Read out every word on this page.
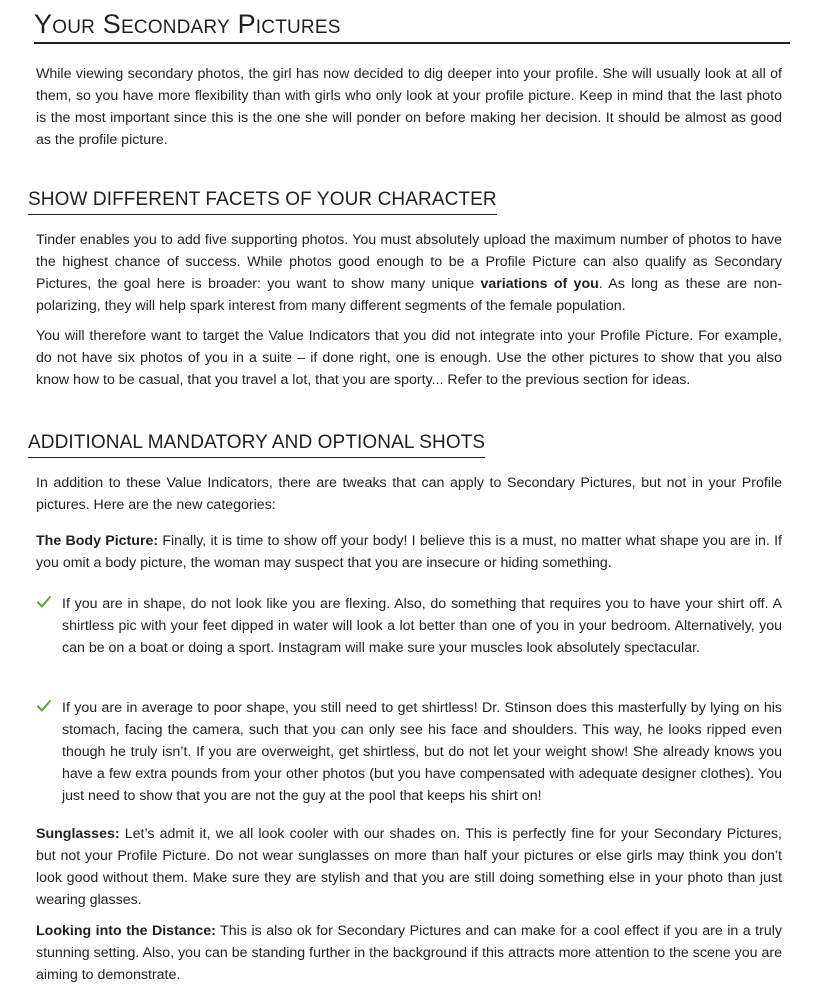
Your Secondary Pictures

While viewing secondary photos, the girl has now decided to dig deeper into your profile. She will usually look at all of them, so you have more flexibility than with girls who only look at your profile picture. Keep in mind that the last photo is the most important since this is the one she will ponder on before making her decision. It should be almost as good as the profile picture.

SHOW DIFFERENT FACETS OF YOUR CHARACTER

Tinder enables you to add five supporting photos. You must absolutely upload the maximum number of photos to have the highest chance of success. While photos good enough to be a Profile Picture can also qualify as Secondary Pictures, the goal here is broader: you want to show many unique variations of you. As long as these are non-polarizing, they will help spark interest from many different segments of the female population.

You will therefore want to target the Value Indicators that you did not integrate into your Profile Picture. For example, do not have six photos of you in a suite – if done right, one is enough. Use the other pictures to show that you also know how to be casual, that you travel a lot, that you are sporty... Refer to the previous section for ideas.

ADDITIONAL MANDATORY AND OPTIONAL SHOTS

In addition to these Value Indicators, there are tweaks that can apply to Secondary Pictures, but not in your Profile pictures. Here are the new categories:

The Body Picture: Finally, it is time to show off your body! I believe this is a must, no matter what shape you are in. If you omit a body picture, the woman may suspect that you are insecure or hiding something.

If you are in shape, do not look like you are flexing. Also, do something that requires you to have your shirt off. A shirtless pic with your feet dipped in water will look a lot better than one of you in your bedroom. Alternatively, you can be on a boat or doing a sport. Instagram will make sure your muscles look absolutely spectacular.

If you are in average to poor shape, you still need to get shirtless! Dr. Stinson does this masterfully by lying on his stomach, facing the camera, such that you can only see his face and shoulders. This way, he looks ripped even though he truly isn’t. If you are overweight, get shirtless, but do not let your weight show! She already knows you have a few extra pounds from your other photos (but you have compensated with adequate designer clothes). You just need to show that you are not the guy at the pool that keeps his shirt on!

Sunglasses: Let’s admit it, we all look cooler with our shades on. This is perfectly fine for your Secondary Pictures, but not your Profile Picture. Do not wear sunglasses on more than half your pictures or else girls may think you don’t look good without them. Make sure they are stylish and that you are still doing something else in your photo than just wearing glasses.

Looking into the Distance: This is also ok for Secondary Pictures and can make for a cool effect if you are in a truly stunning setting. Also, you can be standing further in the background if this attracts more attention to the scene you are aiming to demonstrate.
